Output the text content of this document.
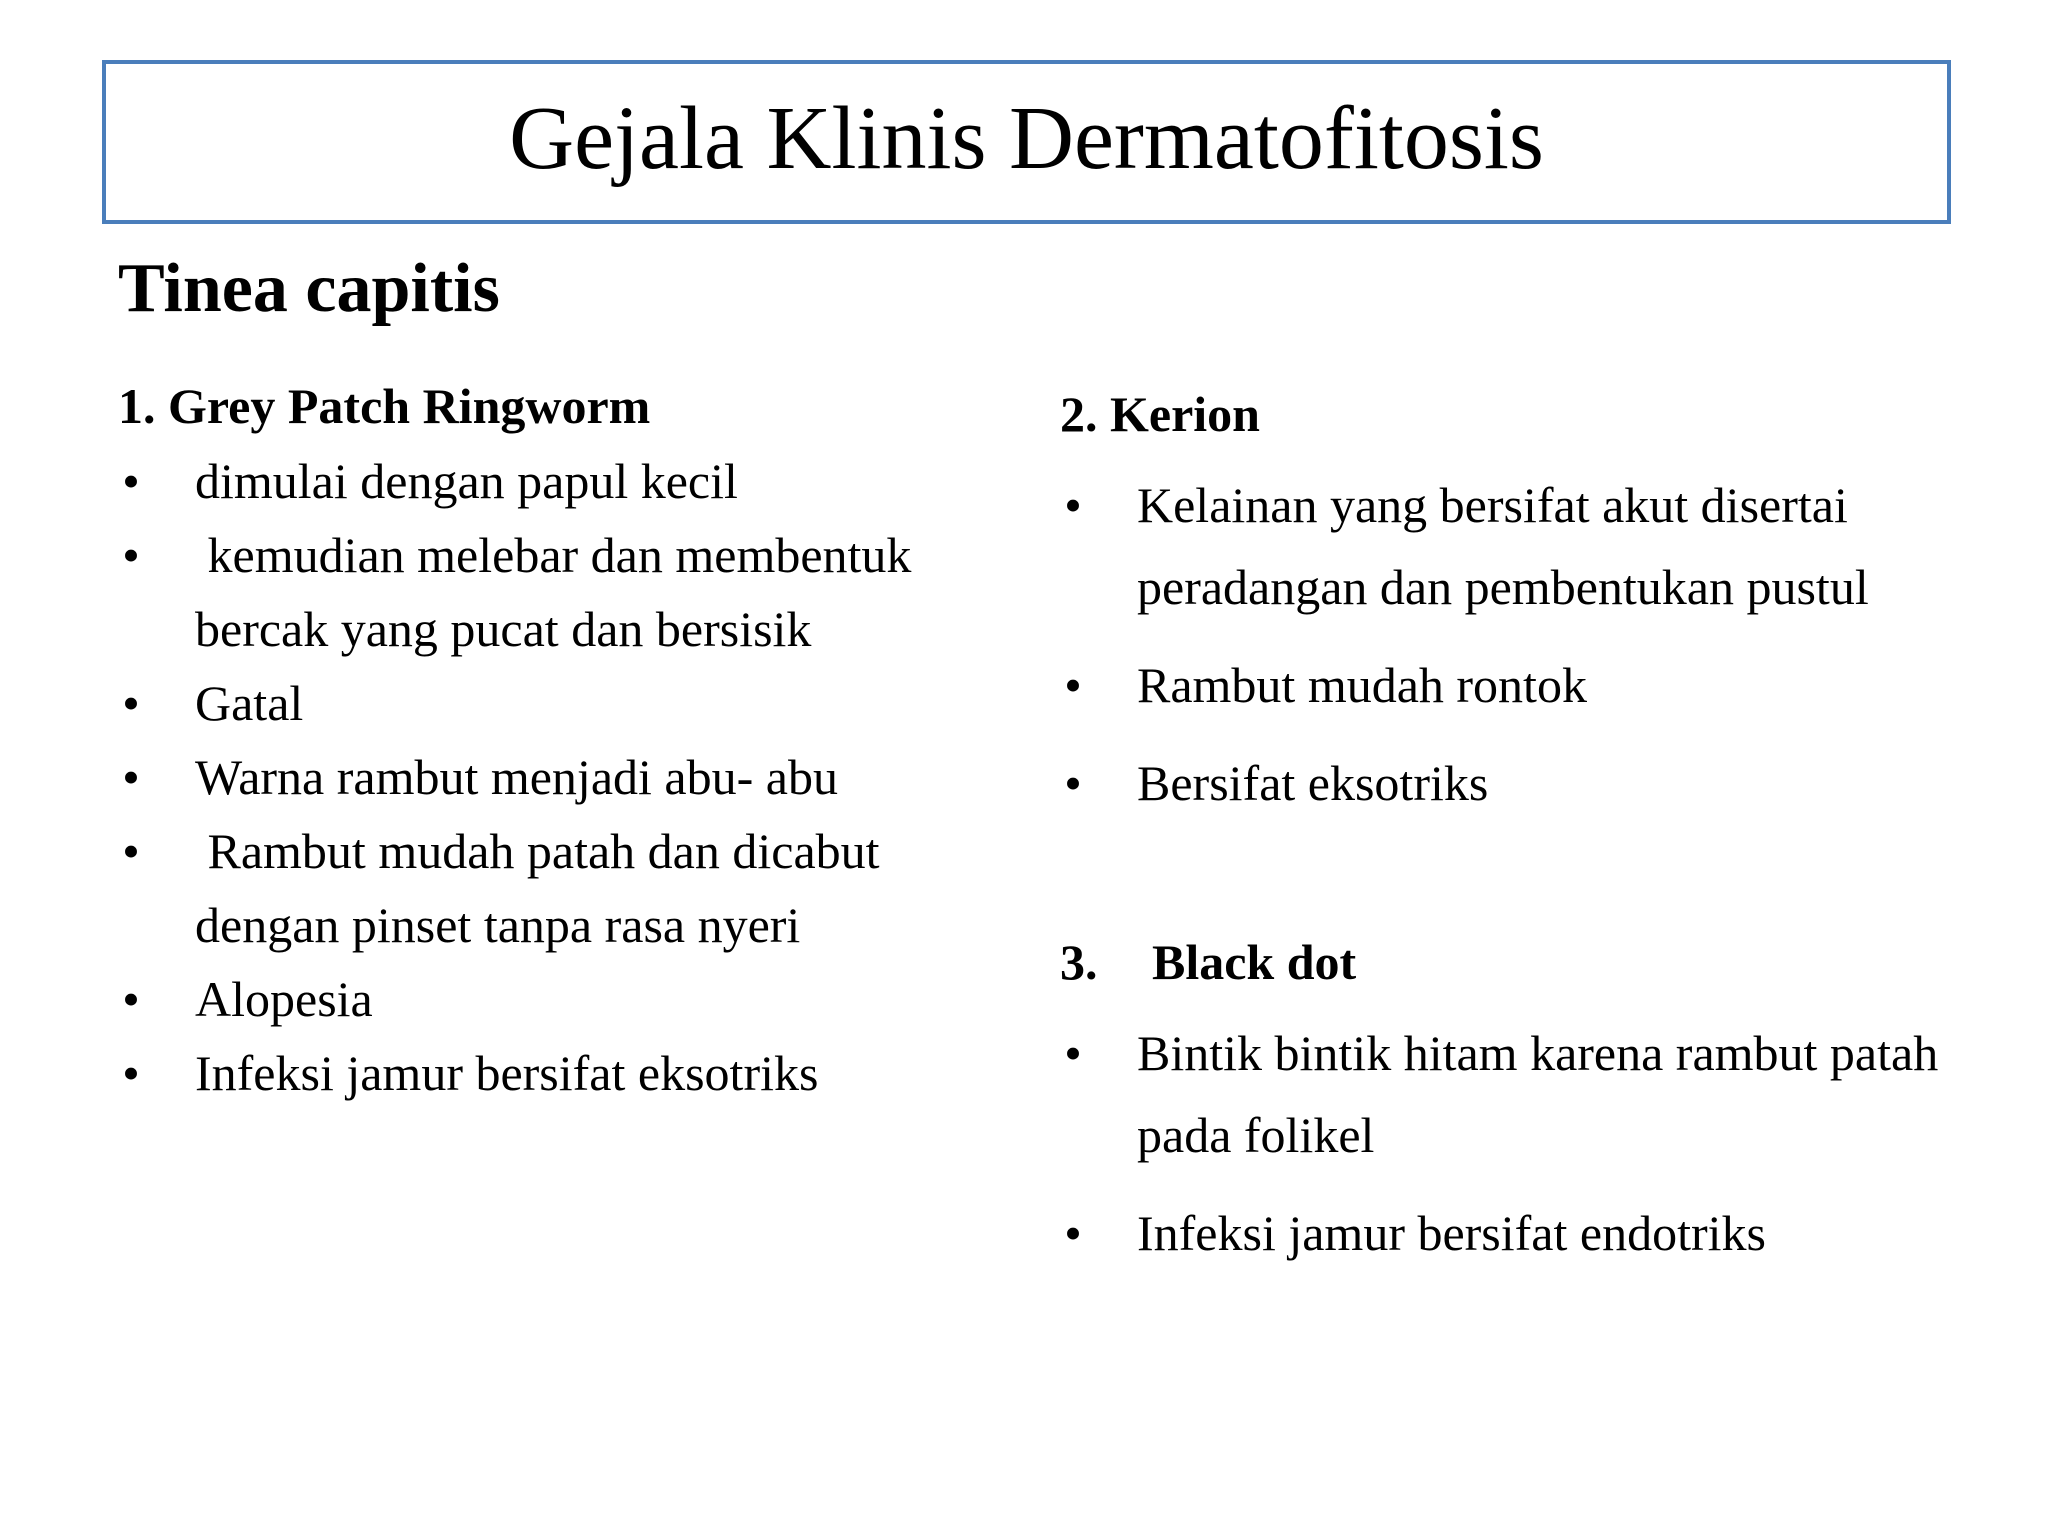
Gejala Klinis Dermatofitosis
Tinea capitis
1. Grey Patch Ringworm
• dimulai dengan papul kecil
• kemudian melebar dan membentuk bercak yang pucat dan bersisik
• Gatal
• Warna rambut menjadi abu- abu
• Rambut mudah patah dan dicabut dengan pinset tanpa rasa nyeri
• Alopesia
• Infeksi jamur bersifat eksotriks
2. Kerion
• Kelainan yang bersifat akut disertai peradangan dan pembentukan pustul
• Rambut mudah rontok
• Bersifat eksotriks
3. Black dot
• Bintik bintik hitam karena rambut patah pada folikel
• Infeksi jamur bersifat endotriks
